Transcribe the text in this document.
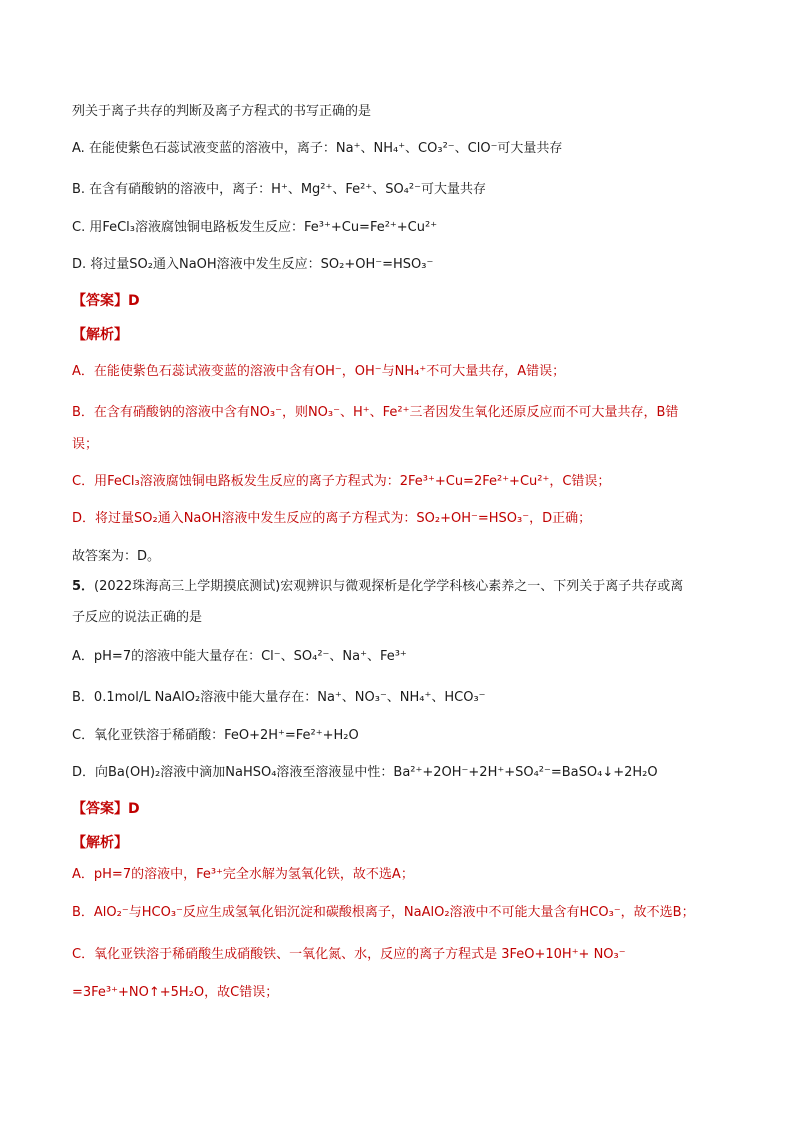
列关于离子共存的判断及离子方程式的书写正确的是
A. 在能使紫色石蕊试液变蓝的溶液中，离子：Na⁺、NH₄⁺、CO₃²⁻、ClO⁻可大量共存
B. 在含有硝酸钠的溶液中，离子：H⁺、Mg²⁺、Fe²⁺、SO₄²⁻可大量共存
C. 用FeCl₃溶液腐蚀铜电路板发生反应：Fe³⁺+Cu=Fe²⁺+Cu²⁺
D. 将过量SO₂通入NaOH溶液中发生反应：SO₂+OH⁻=HSO₃⁻
【答案】D
【解析】
A．在能使紫色石蕊试液变蓝的溶液中含有OH⁻，OH⁻与NH₄⁺不可大量共存，A错误；
B．在含有硝酸钠的溶液中含有NO₃⁻，则NO₃⁻、H⁺、Fe²⁺三者因发生氧化还原反应而不可大量共存，B错
误；
C．用FeCl₃溶液腐蚀铜电路板发生反应的离子方程式为：2Fe³⁺+Cu=2Fe²⁺+Cu²⁺，C错误；
D．将过量SO₂通入NaOH溶液中发生反应的离子方程式为：SO₂+OH⁻=HSO₃⁻，D正确；
故答案为：D。
5．(2022珠海高三上学期摸底测试)宏观辨识与微观探析是化学学科核心素养之一、下列关于离子共存或离
子反应的说法正确的是
A．pH=7的溶液中能大量存在：Cl⁻、SO₄²⁻、Na⁺、Fe³⁺
B．0.1mol/L NaAlO₂溶液中能大量存在：Na⁺、NO₃⁻、NH₄⁺、HCO₃⁻
C．氧化亚铁溶于稀硝酸：FeO+2H⁺=Fe²⁺+H₂O
D．向Ba(OH)₂溶液中滴加NaHSO₄溶液至溶液显中性：Ba²⁺+2OH⁻+2H⁺+SO₄²⁻=BaSO₄↓+2H₂O
【答案】D
【解析】
A．pH=7的溶液中，Fe³⁺完全水解为氢氧化铁，故不选A；
B．AlO₂⁻与HCO₃⁻反应生成氢氧化铝沉淀和碳酸根离子，NaAlO₂溶液中不可能大量含有HCO₃⁻，故不选B；
C．氧化亚铁溶于稀硝酸生成硝酸铁、一氧化氮、水，反应的离子方程式是 3FeO+10H⁺+ NO₃⁻
=3Fe³⁺+NO↑+5H₂O，故C错误；
